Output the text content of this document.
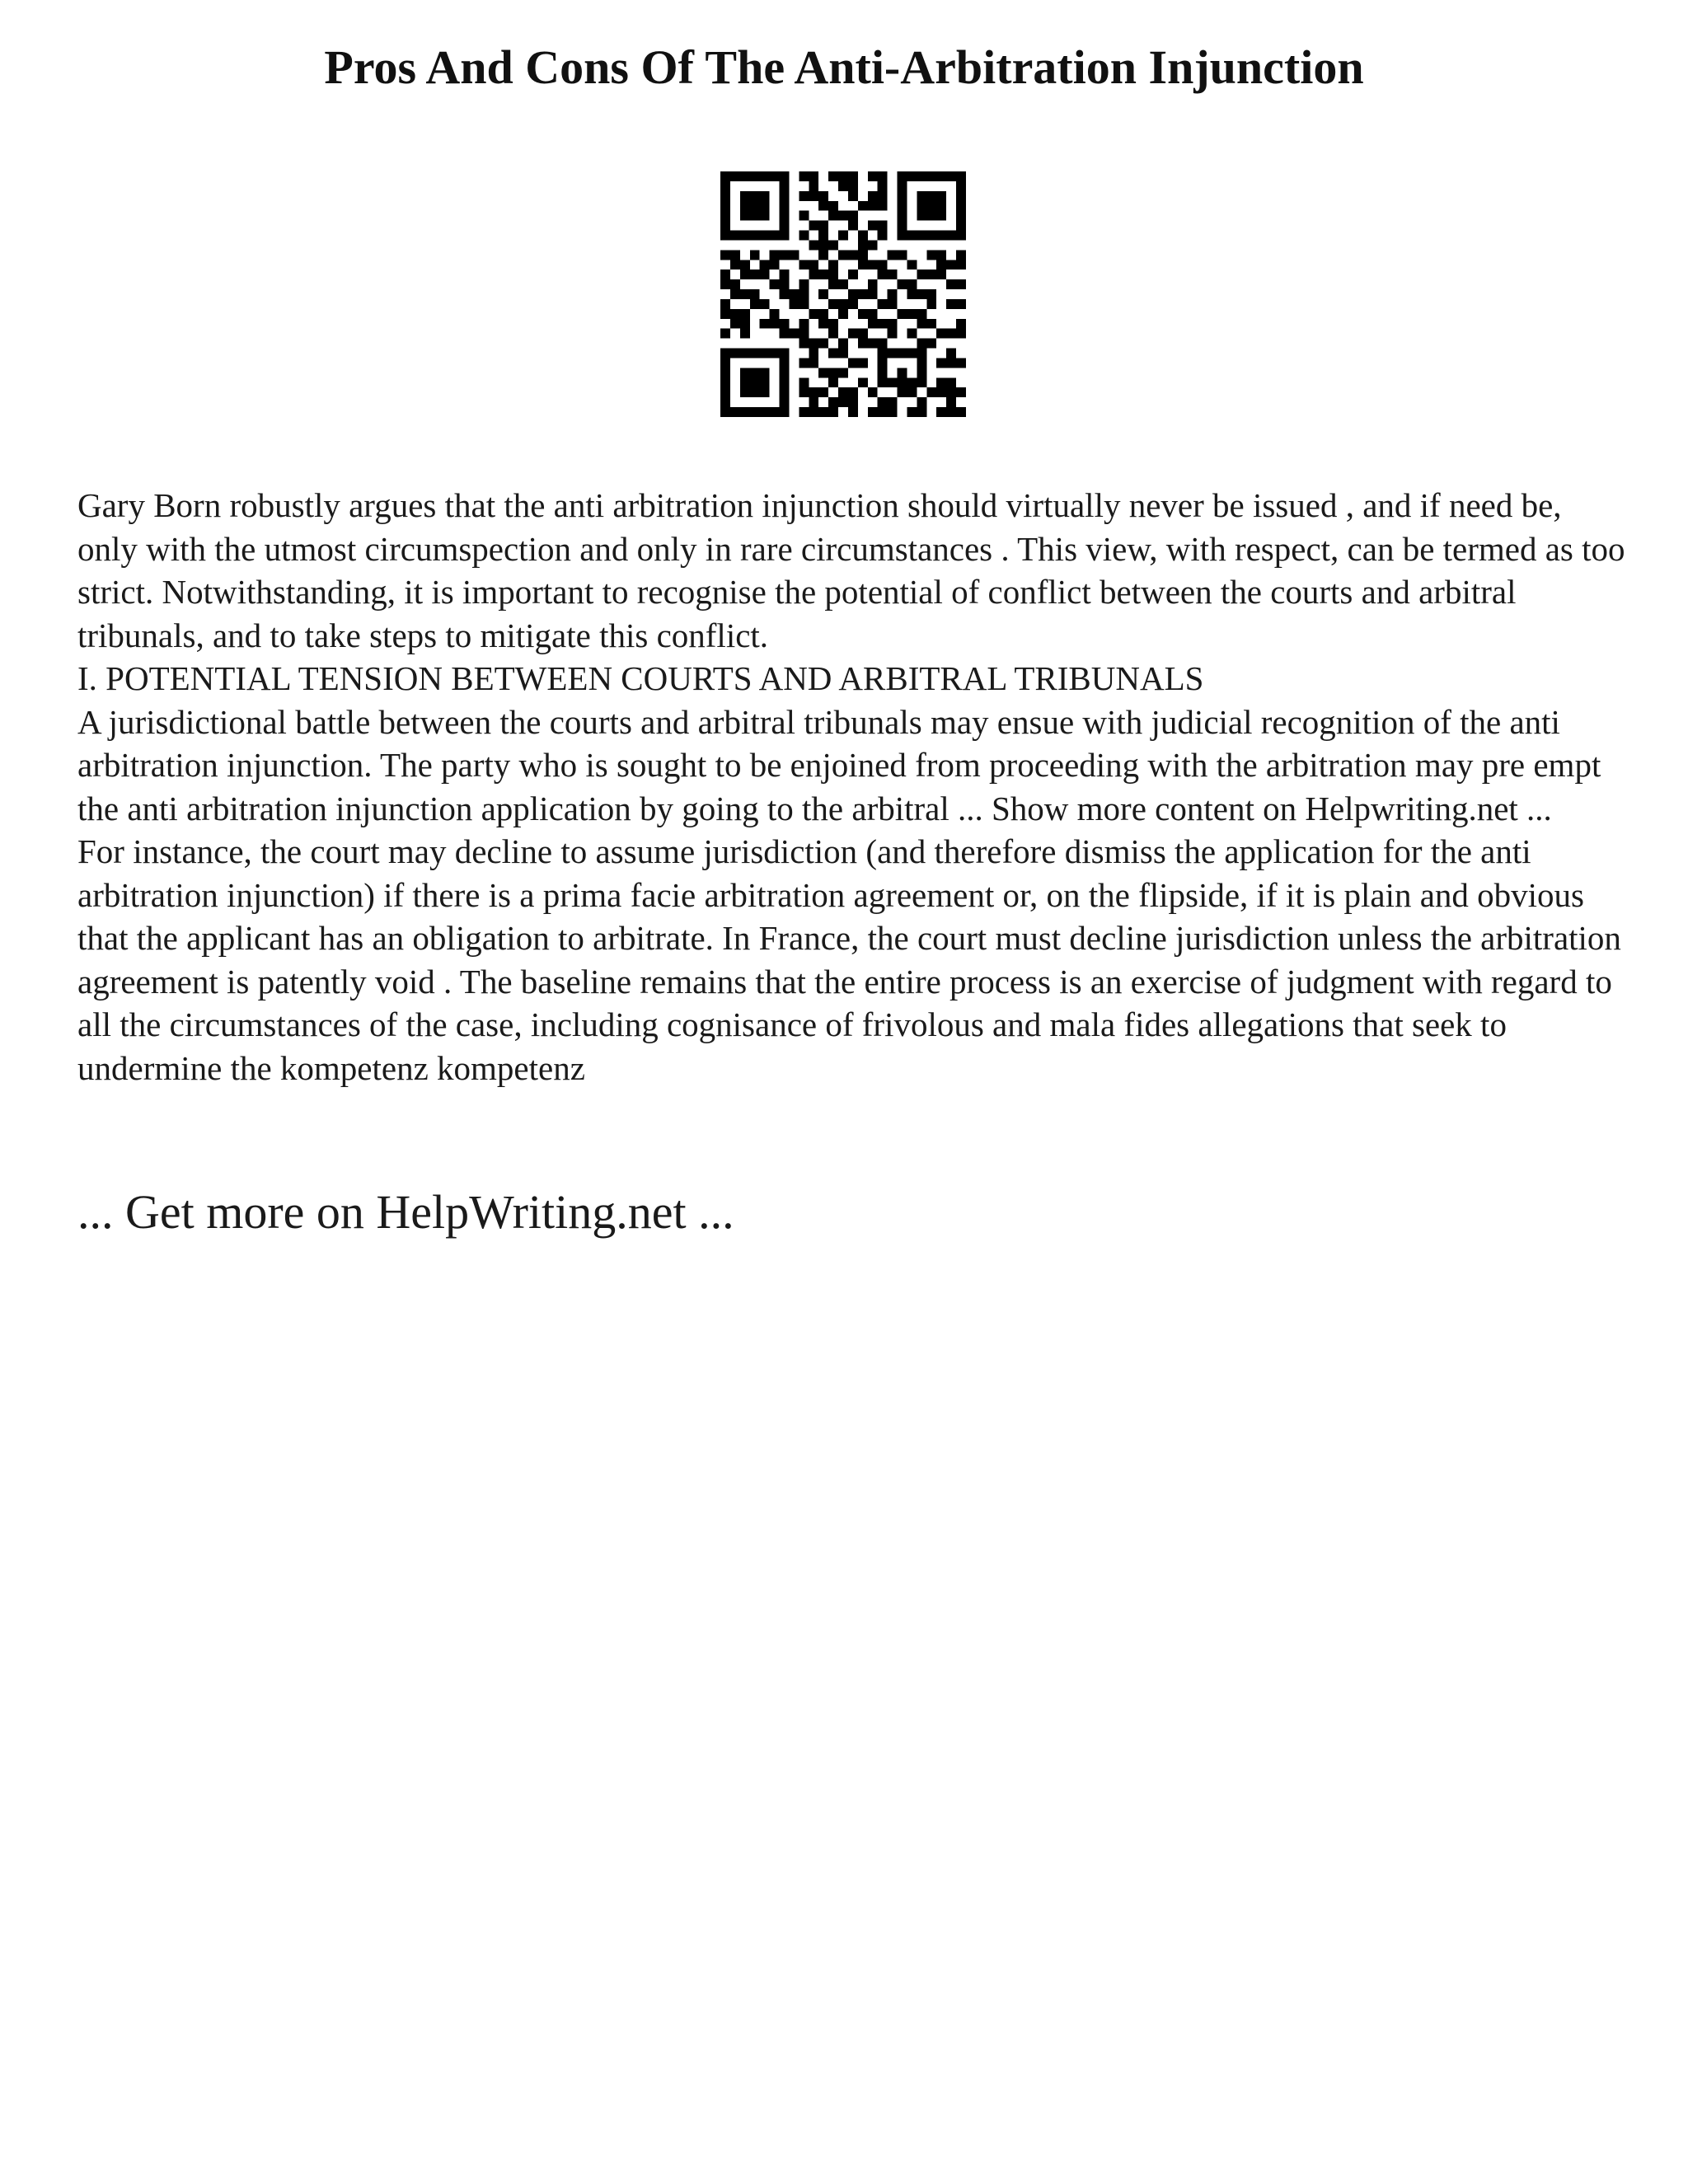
Pros And Cons Of The Anti-Arbitration Injunction

Gary Born robustly argues that the anti arbitration injunction should virtually never be issued , and if need be, only with the utmost circumspection and only in rare circumstances . This view, with respect, can be termed as too strict. Notwithstanding, it is important to recognise the potential of conflict between the courts and arbitral tribunals, and to take steps to mitigate this conflict.

I. POTENTIAL TENSION BETWEEN COURTS AND ARBITRAL TRIBUNALS

A jurisdictional battle between the courts and arbitral tribunals may ensue with judicial recognition of the anti arbitration injunction. The party who is sought to be enjoined from proceeding with the arbitration may pre empt the anti arbitration injunction application by going to the arbitral ... Show more content on Helpwriting.net ...

For instance, the court may decline to assume jurisdiction (and therefore dismiss the application for the anti arbitration injunction) if there is a prima facie arbitration agreement or, on the flipside, if it is plain and obvious that the applicant has an obligation to arbitrate. In France, the court must decline jurisdiction unless the arbitration agreement is patently void . The baseline remains that the entire process is an exercise of judgment with regard to all the circumstances of the case, including cognisance of frivolous and mala fides allegations that seek to undermine the kompetenz kompetenz

... Get more on HelpWriting.net ...
